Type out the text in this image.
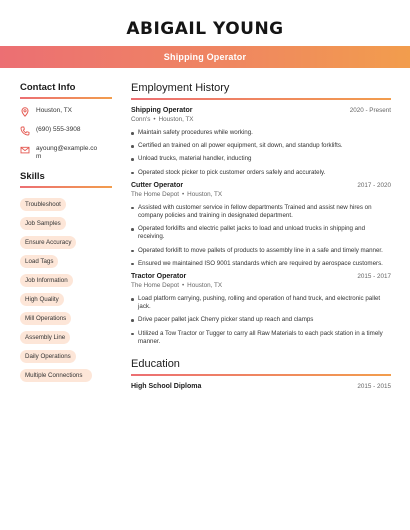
ABIGAIL YOUNG
Shipping Operator
Contact Info
Houston, TX
(690) 555-3908
ayoung@example.com
Skills
Troubleshoot
Job Samples
Ensure Accuracy
Load Tags
Job Information
High Quality
Mill Operations
Assembly Line
Daily Operations
Multiple Connections
Employment History
Shipping Operator	2020 - Present
Conn's • Houston, TX
Maintain safety procedures while working.
Certified an trained on all power equipment, sit down, and standup forklifts.
Unload trucks, material handler, inducting
Operated stock picker to pick customer orders safely and accurately.
Cutter Operator	2017 - 2020
The Home Depot • Houston, TX
Assisted with customer service in fellow departments Trained and assist new hires on company policies and training in designated department.
Operated forklifts and electric pallet jacks to load and unload trucks in shipping and receiving.
Operated forklift to move pallets of products to assembly line in a safe and timely manner.
Ensured we maintained ISO 9001 standards which are required by aerospace customers.
Tractor Operator	2015 - 2017
The Home Depot • Houston, TX
Load platform carrying, pushing, rolling and operation of hand truck, and electronic pallet jack.
Drive pacer pallet jack Cherry picker stand up reach and clamps
Utilized a Tow Tractor or Tugger to carry all Raw Materials to each pack station in a timely manner.
Education
High School Diploma	2015 - 2015
